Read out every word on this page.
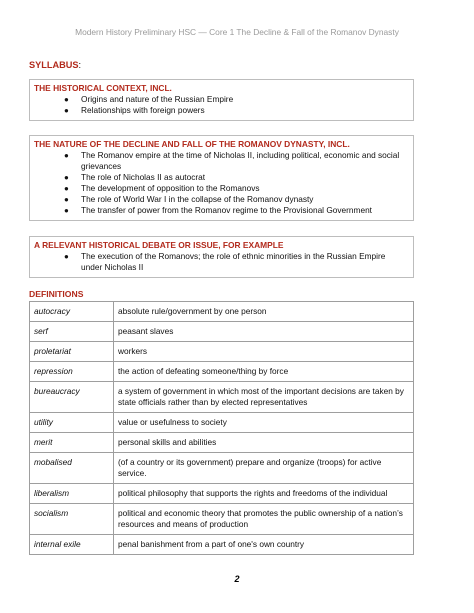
Modern History Preliminary HSC — Core 1 The Decline & Fall of the Romanov Dynasty
SYLLABUS:
THE HISTORICAL CONTEXT, INCL.
● Origins and nature of the Russian Empire
● Relationships with foreign powers
THE NATURE OF THE DECLINE AND FALL OF THE ROMANOV DYNASTY, INCL.
● The Romanov empire at the time of Nicholas II, including political, economic and social grievances
● The role of Nicholas II as autocrat
● The development of opposition to the Romanovs
● The role of World War I in the collapse of the Romanov dynasty
● The transfer of power from the Romanov regime to the Provisional Government
A RELEVANT HISTORICAL DEBATE OR ISSUE, FOR EXAMPLE
● The execution of the Romanovs; the role of ethnic minorities in the Russian Empire under Nicholas II
DEFINITIONS
autocracy	absolute rule/government by one person
serf	peasant slaves
proletariat	workers
repression	the action of defeating someone/thing by force
bureaucracy	a system of government in which most of the important decisions are taken by state officials rather than by elected representatives
utility	value or usefulness to society
merit	personal skills and abilities
mobalised	(of a country or its government) prepare and organize (troops) for active service.
liberalism	political philosophy that supports the rights and freedoms of the individual
socialism	political and economic theory that promotes the public ownership of a nation’s resources and means of production
internal exile	penal banishment from a part of one's own country
2
